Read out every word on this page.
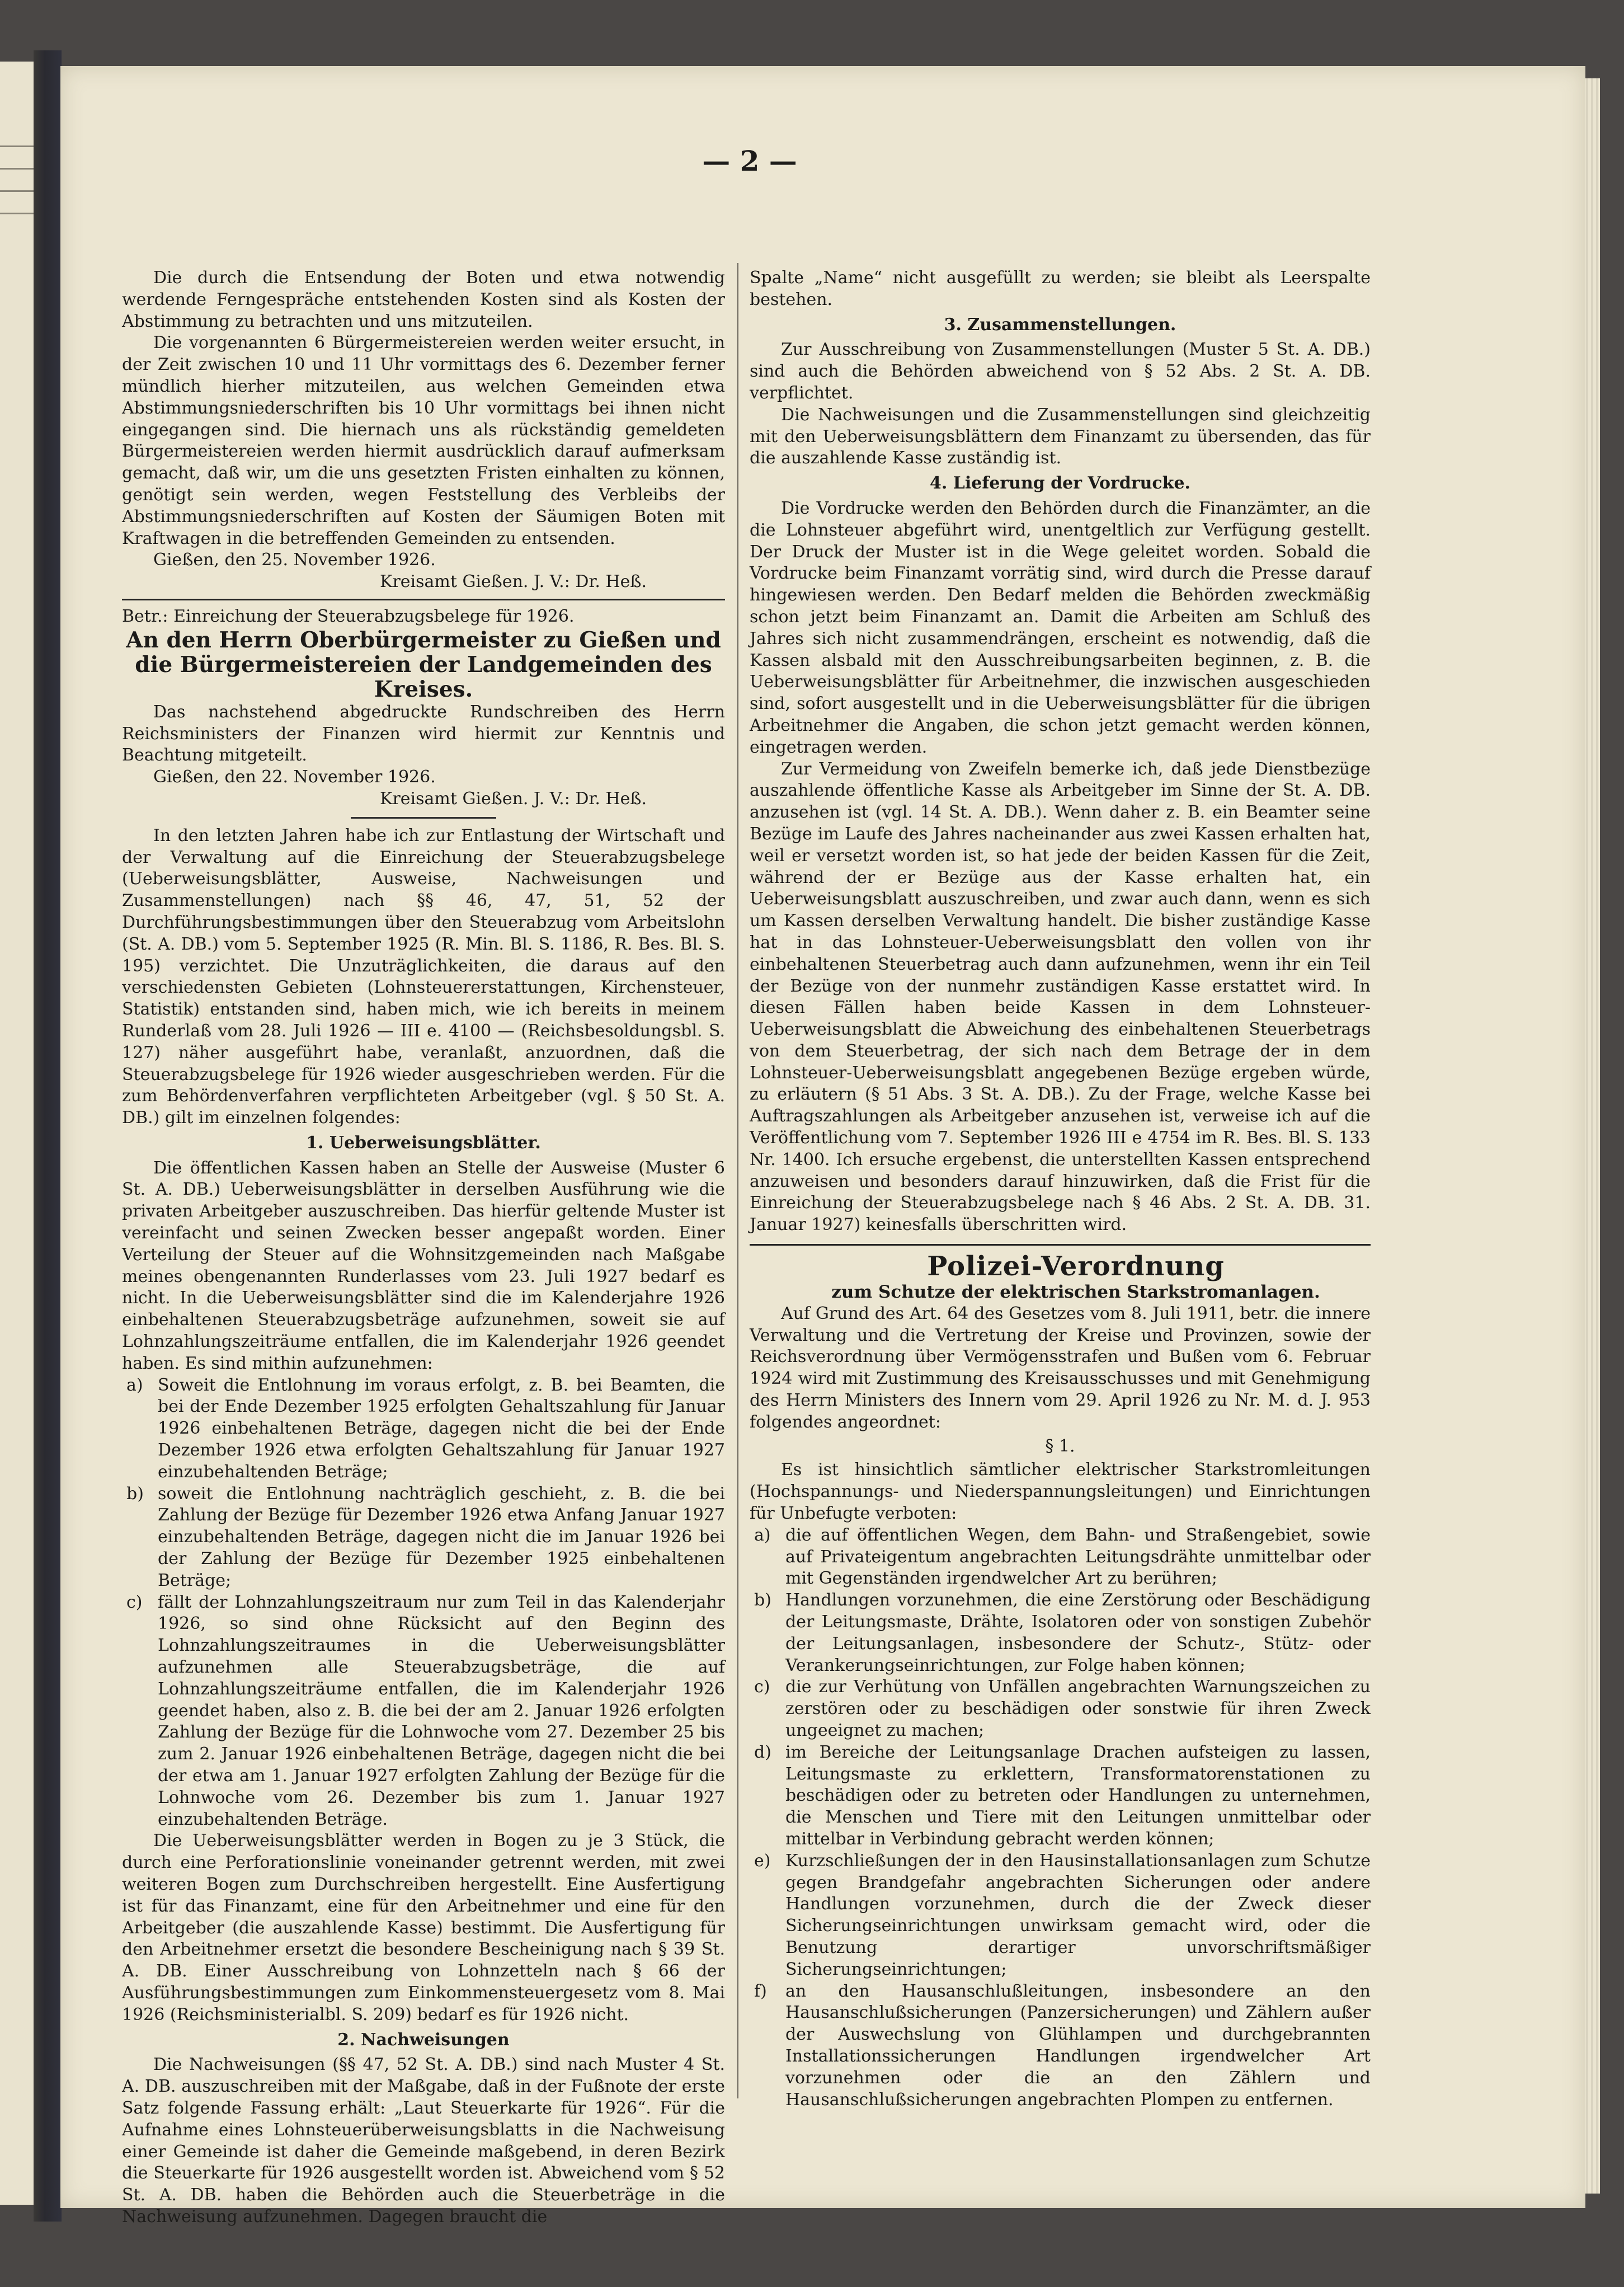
— 2 —

Die durch die Entsendung der Boten und etwa notwendig werdende Ferngespräche entstehenden Kosten sind als Kosten der Abstimmung zu betrachten und uns mitzuteilen.

Die vorgenannten 6 Bürgermeistereien werden weiter ersucht, in der Zeit zwischen 10 und 11 Uhr vormittags des 6. Dezember ferner mündlich hierher mitzuteilen, aus welchen Gemeinden etwa Abstimmungsniederschriften bis 10 Uhr vormittags bei ihnen nicht eingegangen sind. Die hiernach uns als rückständig gemeldeten Bürgermeistereien werden hiermit ausdrücklich darauf aufmerksam gemacht, daß wir, um die uns gesetzten Fristen einhalten zu können, genötigt sein werden, wegen Feststellung des Verbleibs der Abstimmungsniederschriften auf Kosten der Säumigen Boten mit Kraftwagen in die betreffenden Gemeinden zu entsenden.

Gießen, den 25. November 1926.

Kreisamt Gießen. J. V.: Dr. Heß.

Betr.: Einreichung der Steuerabzugsbelege für 1926.

An den Herrn Oberbürgermeister zu Gießen und die Bürgermeistereien der Landgemeinden des Kreises.

Das nachstehend abgedruckte Rundschreiben des Herrn Reichsministers der Finanzen wird hiermit zur Kenntnis und Beachtung mitgeteilt.

Gießen, den 22. November 1926.

Kreisamt Gießen. J. V.: Dr. Heß.

In den letzten Jahren habe ich zur Entlastung der Wirtschaft und der Verwaltung auf die Einreichung der Steuerabzugsbelege (Ueberweisungsblätter, Ausweise, Nachweisungen und Zusammenstellungen) nach §§ 46, 47, 51, 52 der Durchführungsbestimmungen über den Steuerabzug vom Arbeitslohn (St. A. DB.) vom 5. September 1925 (R. Min. Bl. S. 1186, R. Bes. Bl. S. 195) verzichtet. Die Unzuträglichkeiten, die daraus auf den verschiedensten Gebieten (Lohnsteuererstattungen, Kirchensteuer, Statistik) entstanden sind, haben mich, wie ich bereits in meinem Runderlaß vom 28. Juli 1926 — III e. 4100 — (Reichsbesoldungsbl. S. 127) näher ausgeführt habe, veranlaßt, anzuordnen, daß die Steuerabzugsbelege für 1926 wieder ausgeschrieben werden. Für die zum Behördenverfahren verpflichteten Arbeitgeber (vgl. § 50 St. A. DB.) gilt im einzelnen folgendes:

1. Ueberweisungsblätter.

Die öffentlichen Kassen haben an Stelle der Ausweise (Muster 6 St. A. DB.) Ueberweisungsblätter in derselben Ausführung wie die privaten Arbeitgeber auszuschreiben. Das hierfür geltende Muster ist vereinfacht und seinen Zwecken besser angepaßt worden. Einer Verteilung der Steuer auf die Wohnsitzgemeinden nach Maßgabe meines obengenannten Runderlasses vom 23. Juli 1927 bedarf es nicht. In die Ueberweisungsblätter sind die im Kalenderjahre 1926 einbehaltenen Steuerabzugsbeträge aufzunehmen, soweit sie auf Lohnzahlungszeiträume entfallen, die im Kalenderjahr 1926 geendet haben. Es sind mithin aufzunehmen:

a) Soweit die Entlohnung im voraus erfolgt, z. B. bei Beamten, die bei der Ende Dezember 1925 erfolgten Gehaltszahlung für Januar 1926 einbehaltenen Beträge, dagegen nicht die bei der Ende Dezember 1926 etwa erfolgten Gehaltszahlung für Januar 1927 einzubehaltenden Beträge;

b) soweit die Entlohnung nachträglich geschieht, z. B. die bei Zahlung der Bezüge für Dezember 1926 etwa Anfang Januar 1927 einzubehaltenden Beträge, dagegen nicht die im Januar 1926 bei der Zahlung der Bezüge für Dezember 1925 einbehaltenen Beträge;

c) fällt der Lohnzahlungszeitraum nur zum Teil in das Kalenderjahr 1926, so sind ohne Rücksicht auf den Beginn des Lohnzahlungszeitraumes in die Ueberweisungsblätter aufzunehmen alle Steuerabzugsbeträge, die auf Lohnzahlungszeiträume entfallen, die im Kalenderjahr 1926 geendet haben, also z. B. die bei der am 2. Januar 1926 erfolgten Zahlung der Bezüge für die Lohnwoche vom 27. Dezember 25 bis zum 2. Januar 1926 einbehaltenen Beträge, dagegen nicht die bei der etwa am 1. Januar 1927 erfolgten Zahlung der Bezüge für die Lohnwoche vom 26. Dezember bis zum 1. Januar 1927 einzubehaltenden Beträge.

Die Ueberweisungsblätter werden in Bogen zu je 3 Stück, die durch eine Perforationslinie voneinander getrennt werden, mit zwei weiteren Bogen zum Durchschreiben hergestellt. Eine Ausfertigung ist für das Finanzamt, eine für den Arbeitnehmer und eine für den Arbeitgeber (die auszahlende Kasse) bestimmt. Die Ausfertigung für den Arbeitnehmer ersetzt die besondere Bescheinigung nach § 39 St. A. DB. Einer Ausschreibung von Lohnzetteln nach § 66 der Ausführungsbestimmungen zum Einkommensteuergesetz vom 8. Mai 1926 (Reichsministerialbl. S. 209) bedarf es für 1926 nicht.

2. Nachweisungen

Die Nachweisungen (§§ 47, 52 St. A. DB.) sind nach Muster 4 St. A. DB. auszuschreiben mit der Maßgabe, daß in der Fußnote der erste Satz folgende Fassung erhält: „Laut Steuerkarte für 1926“. Für die Aufnahme eines Lohnsteuerüberweisungsblatts in die Nachweisung einer Gemeinde ist daher die Gemeinde maßgebend, in deren Bezirk die Steuerkarte für 1926 ausgestellt worden ist. Abweichend vom § 52 St. A. DB. haben die Behörden auch die Steuerbeträge in die Nachweisung aufzunehmen. Dagegen braucht die

Spalte „Name“ nicht ausgefüllt zu werden; sie bleibt als Leerspalte bestehen.

3. Zusammenstellungen.

Zur Ausschreibung von Zusammenstellungen (Muster 5 St. A. DB.) sind auch die Behörden abweichend von § 52 Abs. 2 St. A. DB. verpflichtet.

Die Nachweisungen und die Zusammenstellungen sind gleichzeitig mit den Ueberweisungsblättern dem Finanzamt zu übersenden, das für die auszahlende Kasse zuständig ist.

4. Lieferung der Vordrucke.

Die Vordrucke werden den Behörden durch die Finanzämter, an die die Lohnsteuer abgeführt wird, unentgeltlich zur Verfügung gestellt. Der Druck der Muster ist in die Wege geleitet worden. Sobald die Vordrucke beim Finanzamt vorrätig sind, wird durch die Presse darauf hingewiesen werden. Den Bedarf melden die Behörden zweckmäßig schon jetzt beim Finanzamt an. Damit die Arbeiten am Schluß des Jahres sich nicht zusammendrängen, erscheint es notwendig, daß die Kassen alsbald mit den Ausschreibungsarbeiten beginnen, z. B. die Ueberweisungsblätter für Arbeitnehmer, die inzwischen ausgeschieden sind, sofort ausgestellt und in die Ueberweisungsblätter für die übrigen Arbeitnehmer die Angaben, die schon jetzt gemacht werden können, eingetragen werden.

Zur Vermeidung von Zweifeln bemerke ich, daß jede Dienstbezüge auszahlende öffentliche Kasse als Arbeitgeber im Sinne der St. A. DB. anzusehen ist (vgl. 14 St. A. DB.). Wenn daher z. B. ein Beamter seine Bezüge im Laufe des Jahres nacheinander aus zwei Kassen erhalten hat, weil er versetzt worden ist, so hat jede der beiden Kassen für die Zeit, während der er Bezüge aus der Kasse erhalten hat, ein Ueberweisungsblatt auszuschreiben, und zwar auch dann, wenn es sich um Kassen derselben Verwaltung handelt. Die bisher zuständige Kasse hat in das Lohnsteuer-Ueberweisungsblatt den vollen von ihr einbehaltenen Steuerbetrag auch dann aufzunehmen, wenn ihr ein Teil der Bezüge von der nunmehr zuständigen Kasse erstattet wird. In diesen Fällen haben beide Kassen in dem Lohnsteuer-Ueberweisungsblatt die Abweichung des einbehaltenen Steuerbetrags von dem Steuerbetrag, der sich nach dem Betrage der in dem Lohnsteuer-Ueberweisungsblatt angegebenen Bezüge ergeben würde, zu erläutern (§ 51 Abs. 3 St. A. DB.). Zu der Frage, welche Kasse bei Auftragszahlungen als Arbeitgeber anzusehen ist, verweise ich auf die Veröffentlichung vom 7. September 1926 III e 4754 im R. Bes. Bl. S. 133 Nr. 1400. Ich ersuche ergebenst, die unterstellten Kassen entsprechend anzuweisen und besonders darauf hinzuwirken, daß die Frist für die Einreichung der Steuerabzugsbelege nach § 46 Abs. 2 St. A. DB. 31. Januar 1927) keinesfalls überschritten wird.

Polizei-Verordnung

zum Schutze der elektrischen Starkstromanlagen.

Auf Grund des Art. 64 des Gesetzes vom 8. Juli 1911, betr. die innere Verwaltung und die Vertretung der Kreise und Provinzen, sowie der Reichsverordnung über Vermögensstrafen und Bußen vom 6. Februar 1924 wird mit Zustimmung des Kreisausschusses und mit Genehmigung des Herrn Ministers des Innern vom 29. April 1926 zu Nr. M. d. J. 953 folgendes angeordnet:

§ 1.

Es ist hinsichtlich sämtlicher elektrischer Starkstromleitungen (Hochspannungs- und Niederspannungsleitungen) und Einrichtungen für Unbefugte verboten:

a) die auf öffentlichen Wegen, dem Bahn- und Straßengebiet, sowie auf Privateigentum angebrachten Leitungsdrähte unmittelbar oder mit Gegenständen irgendwelcher Art zu berühren;

b) Handlungen vorzunehmen, die eine Zerstörung oder Beschädigung der Leitungsmaste, Drähte, Isolatoren oder von sonstigen Zubehör der Leitungsanlagen, insbesondere der Schutz-, Stütz- oder Verankerungseinrichtungen, zur Folge haben können;

c) die zur Verhütung von Unfällen angebrachten Warnungszeichen zu zerstören oder zu beschädigen oder sonstwie für ihren Zweck ungeeignet zu machen;

d) im Bereiche der Leitungsanlage Drachen aufsteigen zu lassen, Leitungsmaste zu erklettern, Transformatorenstationen zu beschädigen oder zu betreten oder Handlungen zu unternehmen, die Menschen und Tiere mit den Leitungen unmittelbar oder mittelbar in Verbindung gebracht werden können;

e) Kurzschließungen der in den Hausinstallationsanlagen zum Schutze gegen Brandgefahr angebrachten Sicherungen oder andere Handlungen vorzunehmen, durch die der Zweck dieser Sicherungseinrichtungen unwirksam gemacht wird, oder die Benutzung derartiger unvorschriftsmäßiger Sicherungseinrichtungen;

f) an den Hausanschlußleitungen, insbesondere an den Hausanschlußsicherungen (Panzersicherungen) und Zählern außer der Auswechslung von Glühlampen und durchgebrannten Installationssicherungen Handlungen irgendwelcher Art vorzunehmen oder die an den Zählern und Hausanschlußsicherungen angebrachten Plompen zu entfernen.
